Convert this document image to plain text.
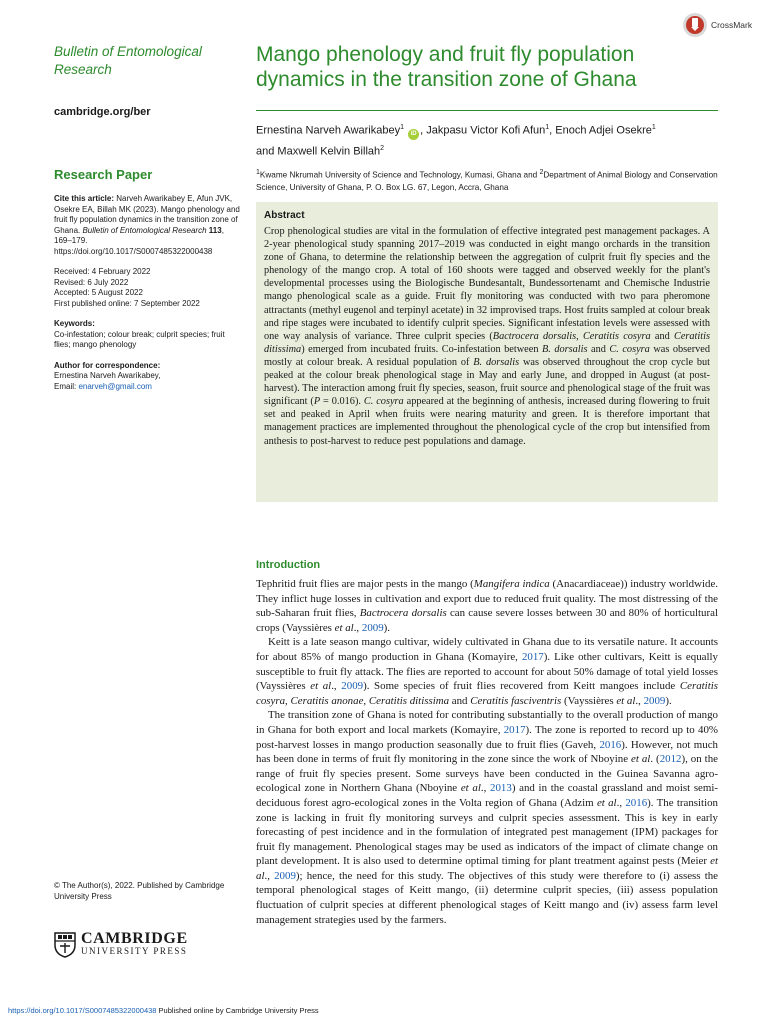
CrossMark
Bulletin of Entomological Research
cambridge.org/ber
Research Paper
Cite this article: Narveh Awarikabey E, Afun JVK, Osekre EA, Billah MK (2023). Mango phenology and fruit fly population dynamics in the transition zone of Ghana. Bulletin of Entomological Research 113, 169–179. https://doi.org/10.1017/S0007485322000438
Received: 4 February 2022
Revised: 6 July 2022
Accepted: 5 August 2022
First published online: 7 September 2022
Keywords:
Co-infestation; colour break; culprit species; fruit flies; mango phenology
Author for correspondence:
Ernestina Narveh Awarikabey,
Email: enarveh@gmail.com
© The Author(s), 2022. Published by Cambridge University Press
CAMBRIDGE
UNIVERSITY PRESS
Mango phenology and fruit fly population dynamics in the transition zone of Ghana
Ernestina Narveh Awarikabey$^1$ iD , Jakpasu Victor Kofi Afun$^1$, Enoch Adjei Osekre$^1$
and Maxwell Kelvin Billah$^2$
$^1$Kwame Nkrumah University of Science and Technology, Kumasi, Ghana and $^2$Department of Animal Biology and Conservation Science, University of Ghana, P. O. Box LG. 67, Legon, Accra, Ghana
Abstract
Crop phenological studies are vital in the formulation of effective integrated pest management packages. A 2-year phenological study spanning 2017–2019 was conducted in eight mango orchards in the transition zone of Ghana, to determine the relationship between the aggregation of culprit fruit fly species and the phenology of the mango crop. A total of 160 shoots were tagged and observed weekly for the plant's developmental processes using the Biologische Bundesantalt, Bundessortenamt and Chemische Industrie mango phenological scale as a guide. Fruit fly monitoring was conducted with two para pheromone attractants (methyl eugenol and terpinyl acetate) in 32 improvised traps. Host fruits sampled at colour break and ripe stages were incubated to identify culprit species. Significant infestation levels were assessed with one way analysis of variance. Three culprit species (Bactrocera dorsalis, Ceratitis cosyra and Ceratitis ditissima) emerged from incubated fruits. Co-infestation between B. dorsalis and C. cosyra was observed mostly at colour break. A residual population of B. dorsalis was observed throughout the crop cycle but peaked at the colour break phenological stage in May and early June, and dropped in August (at post-harvest). The interaction among fruit fly species, season, fruit source and phenological stage of the fruit was significant (P = 0.016). C. cosyra appeared at the beginning of anthesis, increased during flowering to fruit set and peaked in April when fruits were nearing maturity and green. It is therefore important that management practices are implemented throughout the phenological cycle of the crop but intensified from anthesis to post-harvest to reduce pest populations and damage.
Introduction

Tephritid fruit flies are major pests in the mango (Mangifera indica (Anacardiaceae)) industry worldwide. They inflict huge losses in cultivation and export due to reduced fruit quality. The most distressing of the sub-Saharan fruit flies, Bactrocera dorsalis can cause severe losses between 30 and 80% of horticultural crops (Vayssières et al., 2009).

Keitt is a late season mango cultivar, widely cultivated in Ghana due to its versatile nature. It accounts for about 85% of mango production in Ghana (Komayire, 2017). Like other cultivars, Keitt is equally susceptible to fruit fly attack. The flies are reported to account for about 50% damage of total yield losses (Vayssières et al., 2009). Some species of fruit flies recovered from Keitt mangoes include Ceratitis cosyra, Ceratitis anonae, Ceratitis ditissima and Ceratitis fasciventris (Vayssières et al., 2009).

The transition zone of Ghana is noted for contributing substantially to the overall production of mango in Ghana for both export and local markets (Komayire, 2017). The zone is reported to record up to 40% post-harvest losses in mango production seasonally due to fruit flies (Gaveh, 2016). However, not much has been done in terms of fruit fly monitoring in the zone since the work of Nboyine et al. (2012), on the range of fruit fly species present. Some surveys have been conducted in the Guinea Savanna agro-ecological zone in Northern Ghana (Nboyine et al., 2013) and in the coastal grassland and moist semi-deciduous forest agro-ecological zones in the Volta region of Ghana (Adzim et al., 2016). The transition zone is lacking in fruit fly monitoring surveys and culprit species assessment. This is key in early forecasting of pest incidence and in the formulation of integrated pest management (IPM) packages for fruit fly management. Phenological stages may be used as indicators of the impact of climate change on plant development. It is also used to determine optimal timing for plant treatment against pests (Meier et al., 2009); hence, the need for this study. The objectives of this study were therefore to (i) assess the temporal phenological stages of Keitt mango, (ii) determine culprit species, (iii) assess population fluctuation of culprit species at different phenological stages of Keitt mango and (iv) assess farm level management strategies used by the farmers.

https://doi.org/10.1017/S0007485322000438 Published online by Cambridge University Press
